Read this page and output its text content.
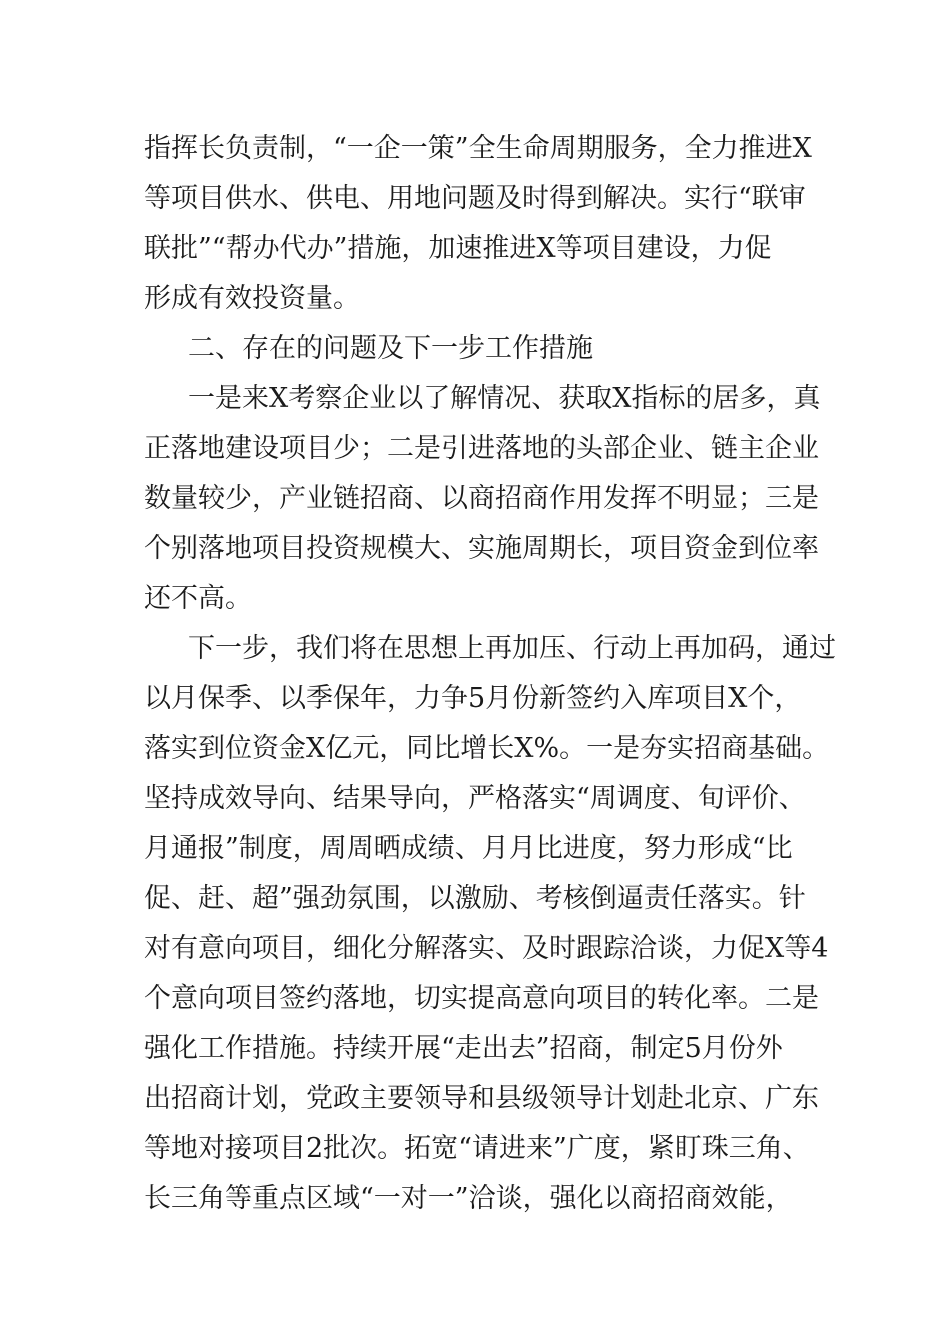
指挥长负责制，“一企一策”全生命周期服务，全力推进X
等项目供水、供电、用地问题及时得到解决。实行“联审
联批”“帮办代办”措施，加速推进X等项目建设，力促
形成有效投资量。
二、存在的问题及下一步工作措施
一是来X考察企业以了解情况、获取X指标的居多，真
正落地建设项目少；二是引进落地的头部企业、链主企业
数量较少，产业链招商、以商招商作用发挥不明显；三是
个别落地项目投资规模大、实施周期长，项目资金到位率
还不高。
下一步，我们将在思想上再加压、行动上再加码，通过
以月保季、以季保年，力争5月份新签约入库项目X个，
落实到位资金X亿元，同比增长X%。一是夯实招商基础。
坚持成效导向、结果导向，严格落实“周调度、旬评价、
月通报”制度，周周晒成绩、月月比进度，努力形成“比
促、赶、超”强劲氛围，以激励、考核倒逼责任落实。针
对有意向项目，细化分解落实、及时跟踪洽谈，力促X等4
个意向项目签约落地，切实提高意向项目的转化率。二是
强化工作措施。持续开展“走出去”招商，制定5月份外
出招商计划，党政主要领导和县级领导计划赴北京、广东
等地对接项目2批次。拓宽“请进来”广度，紧盯珠三角、
长三角等重点区域“一对一”洽谈，强化以商招商效能，
